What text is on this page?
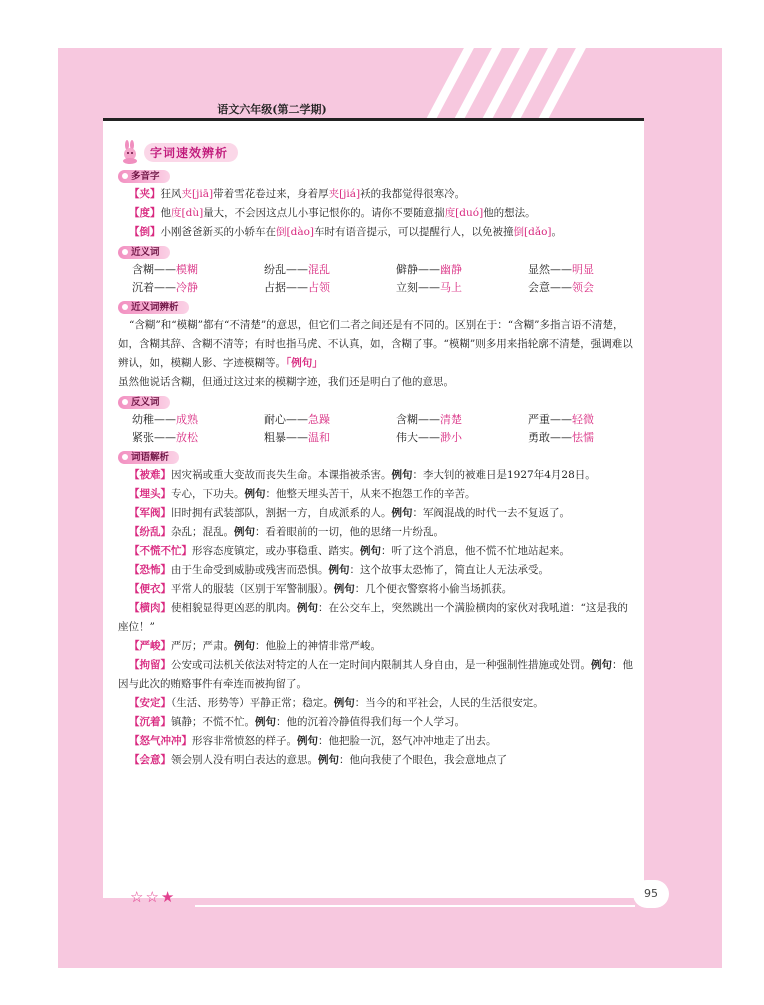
语文六年级(第二学期)
字词速效辨析
多音字

【夹】狂风夹[jiā]带着雪花卷过来，身着厚夹[jiá]袄的我都觉得很寒冷。

【度】他度[dù]量大，不会因这点儿小事记恨你的。请你不要随意揣度[duó]他的想法。

【倒】小刚爸爸新买的小轿车在倒[dào]车时有语音提示，可以提醒行人，以免被撞倒[dǎo]。

近义词
含糊——模糊	纷乱——混乱	僻静——幽静	显然——明显
沉着——冷静	占据——占领	立刻——马上	会意——领会
近义词辨析

“含糊”和“模糊”都有“不清楚”的意思，但它们二者之间还是有不同的。区别在于：“含糊”多指言语不清楚，如，含糊其辞、含糊不清等；有时也指马虎、不认真，如，含糊了事。“模糊”则多用来指轮廓不清楚，强调难以辨认，如，模糊人影、字迹模糊等。「例句」

虽然他说话含糊，但通过这过来的模糊字迹，我们还是明白了他的意思。

反义词
幼稚——成熟	耐心——急躁	含糊——清楚	严重——轻微
紧张——放松	粗暴——温和	伟大——渺小	勇敢——怯懦
词语解析

【被难】因灾祸或重大变故而丧失生命。本课指被杀害。例句：李大钊的被难日是1927年4月28日。

【埋头】专心，下功夫。例句：他整天埋头苦干，从来不抱怨工作的辛苦。

【军阀】旧时拥有武装部队，割据一方，自成派系的人。例句：军阀混战的时代一去不复返了。

【纷乱】杂乱；混乱。例句：看着眼前的一切，他的思绪一片纷乱。

【不慌不忙】形容态度镇定，或办事稳重、踏实。例句：听了这个消息，他不慌不忙地站起来。

【恐怖】由于生命受到威胁或残害而恐惧。例句：这个故事太恐怖了，简直让人无法承受。

【便衣】平常人的服装（区别于军警制服）。例句：几个便衣警察将小偷当场抓获。

【横肉】使相貌显得更凶恶的肌肉。例句：在公交车上，突然跳出一个满脸横肉的家伙对我吼道：“这是我的座位！”

【严峻】严厉；严肃。例句：他脸上的神情非常严峻。

【拘留】公安或司法机关依法对特定的人在一定时间内限制其人身自由，是一种强制性措施或处罚。例句：他因与此次的贿赂事件有牵连而被拘留了。

【安定】（生活、形势等）平静正常；稳定。例句：当今的和平社会，人民的生活很安定。

【沉着】镇静；不慌不忙。例句：他的沉着冷静值得我们每一个人学习。

【怒气冲冲】形容非常愤怒的样子。例句：他把脸一沉，怒气冲冲地走了出去。

【会意】领会别人没有明白表达的意思。例句：他向我使了个眼色，我会意地点了

☆ ☆ ★	95
